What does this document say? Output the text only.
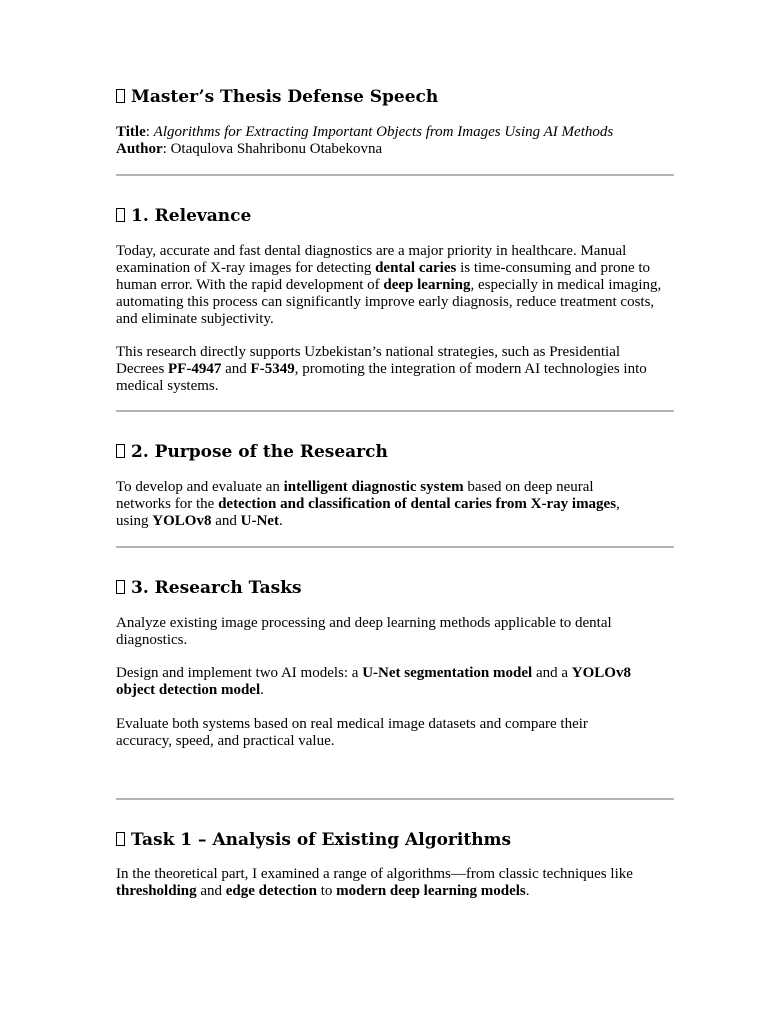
Master’s Thesis Defense Speech

Title: Algorithms for Extracting Important Objects from Images Using AI Methods

Author: Otaqulova Shahribonu Otabekovna

1. Relevance

Today, accurate and fast dental diagnostics are a major priority in healthcare. Manual examination of X-ray images for detecting dental caries is time-consuming and prone to human error. With the rapid development of deep learning, especially in medical imaging, automating this process can significantly improve early diagnosis, reduce treatment costs, and eliminate subjectivity.

This research directly supports Uzbekistan’s national strategies, such as Presidential Decrees PF-4947 and F-5349, promoting the integration of modern AI technologies into medical systems.

2. Purpose of the Research

To develop and evaluate an intelligent diagnostic system based on deep neural networks for the detection and classification of dental caries from X-ray images, using YOLOv8 and U-Net.

3. Research Tasks

Analyze existing image processing and deep learning methods applicable to dental diagnostics.

Design and implement two AI models: a U-Net segmentation model and a YOLOv8 object detection model.

Evaluate both systems based on real medical image datasets and compare their accuracy, speed, and practical value.

Task 1 – Analysis of Existing Algorithms

In the theoretical part, I examined a range of algorithms—from classic techniques like thresholding and edge detection to modern deep learning models.
